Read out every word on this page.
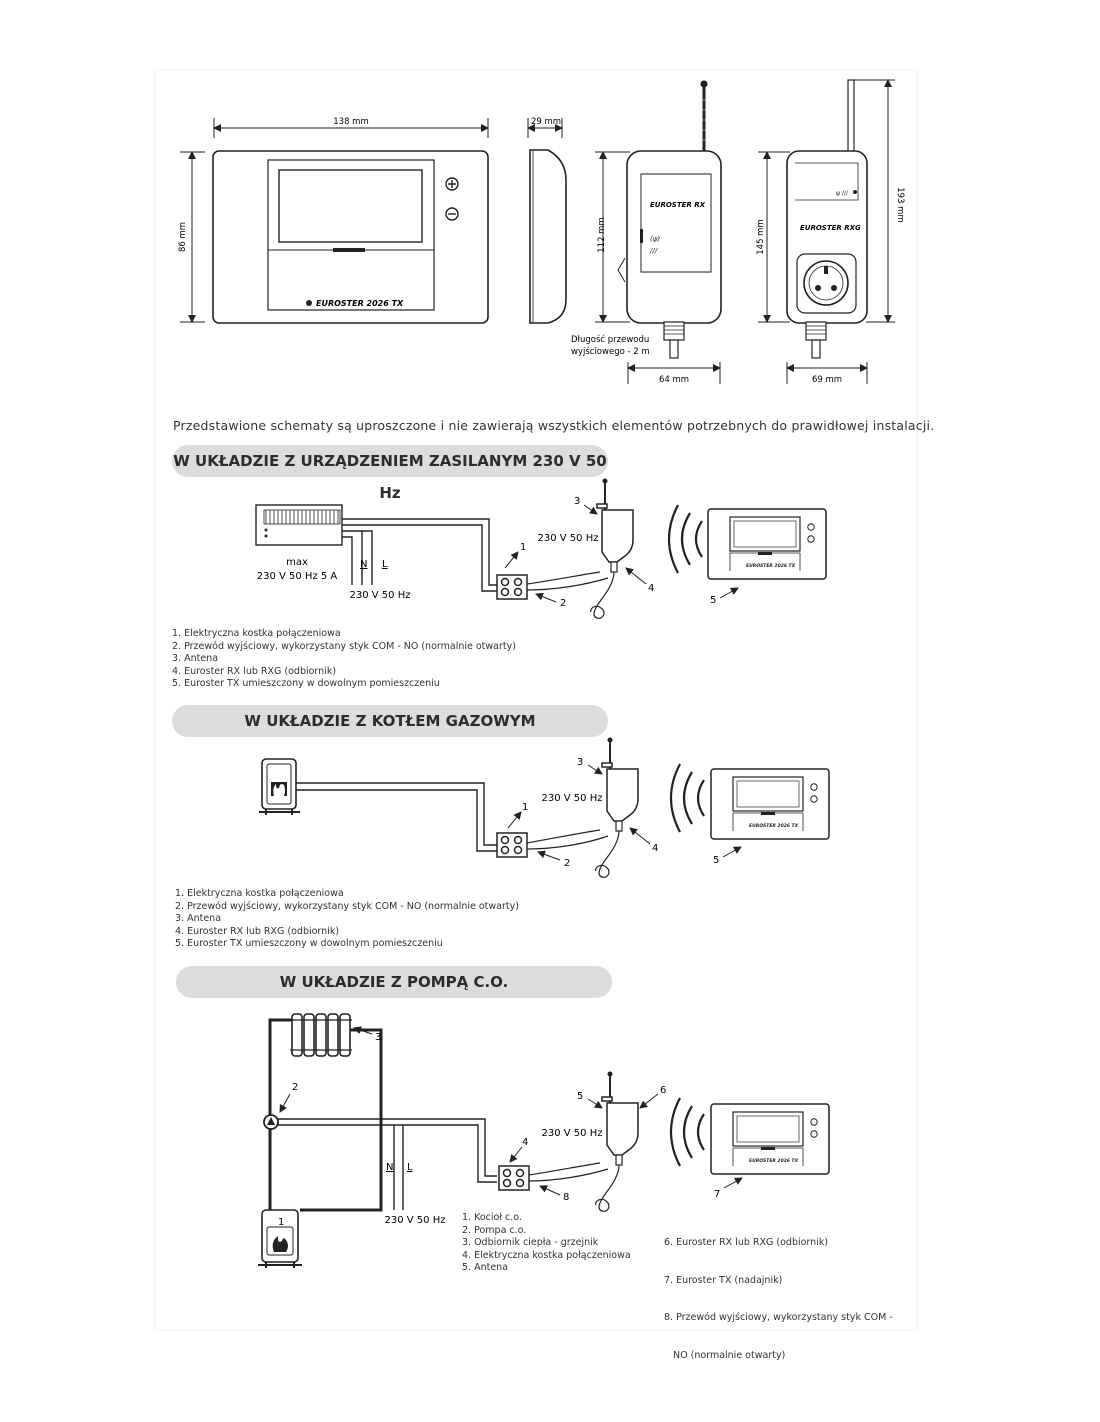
EUROSTER 2026 TX
138 mm
86 mm
EUROSTER 2026 TX
29 mm
112 mm
EUROSTER RX
(ψ)
///
Długość przewodu
wyjściowego - 2 m
64 mm
145 mm
193 mm
ψ ///
EUROSTER RXG
69 mm
max
230 V 50 Hz 5 A
N L
230 V 50 Hz
230 V 50 Hz
1
2
3
4
5
230 V 50 Hz
1
2
3
4
5
N L
230 V 50 Hz
230 V 50 Hz
1
2
3
4
5
6
7
8
Przedstawione schematy są uproszczone i nie zawierają wszystkich elementów potrzebnych do prawidłowej instalacji.
W UKŁADZIE Z URZĄDZENIEM ZASILANYM 230 V 50 Hz
1. Elektryczna kostka połączeniowa
2. Przewód wyjściowy, wykorzystany styk COM - NO (normalnie otwarty)
3. Antena
4. Euroster RX lub RXG (odbiornik)
5. Euroster TX umieszczony w dowolnym pomieszczeniu
W UKŁADZIE Z KOTŁEM GAZOWYM
1. Elektryczna kostka połączeniowa
2. Przewód wyjściowy, wykorzystany styk COM - NO (normalnie otwarty)
3. Antena
4. Euroster RX lub RXG (odbiornik)
5. Euroster TX umieszczony w dowolnym pomieszczeniu
W UKŁADZIE Z POMPĄ C.O.
1. Kocioł c.o.
2. Pompa c.o.
3. Odbiornik ciepła - grzejnik
4. Elektryczna kostka połączeniowa
5. Antena

6. Euroster RX lub RXG (odbiornik)

7. Euroster TX (nadajnik)

8. Przewód wyjściowy, wykorzystany styk COM -

NO (normalnie otwarty)
